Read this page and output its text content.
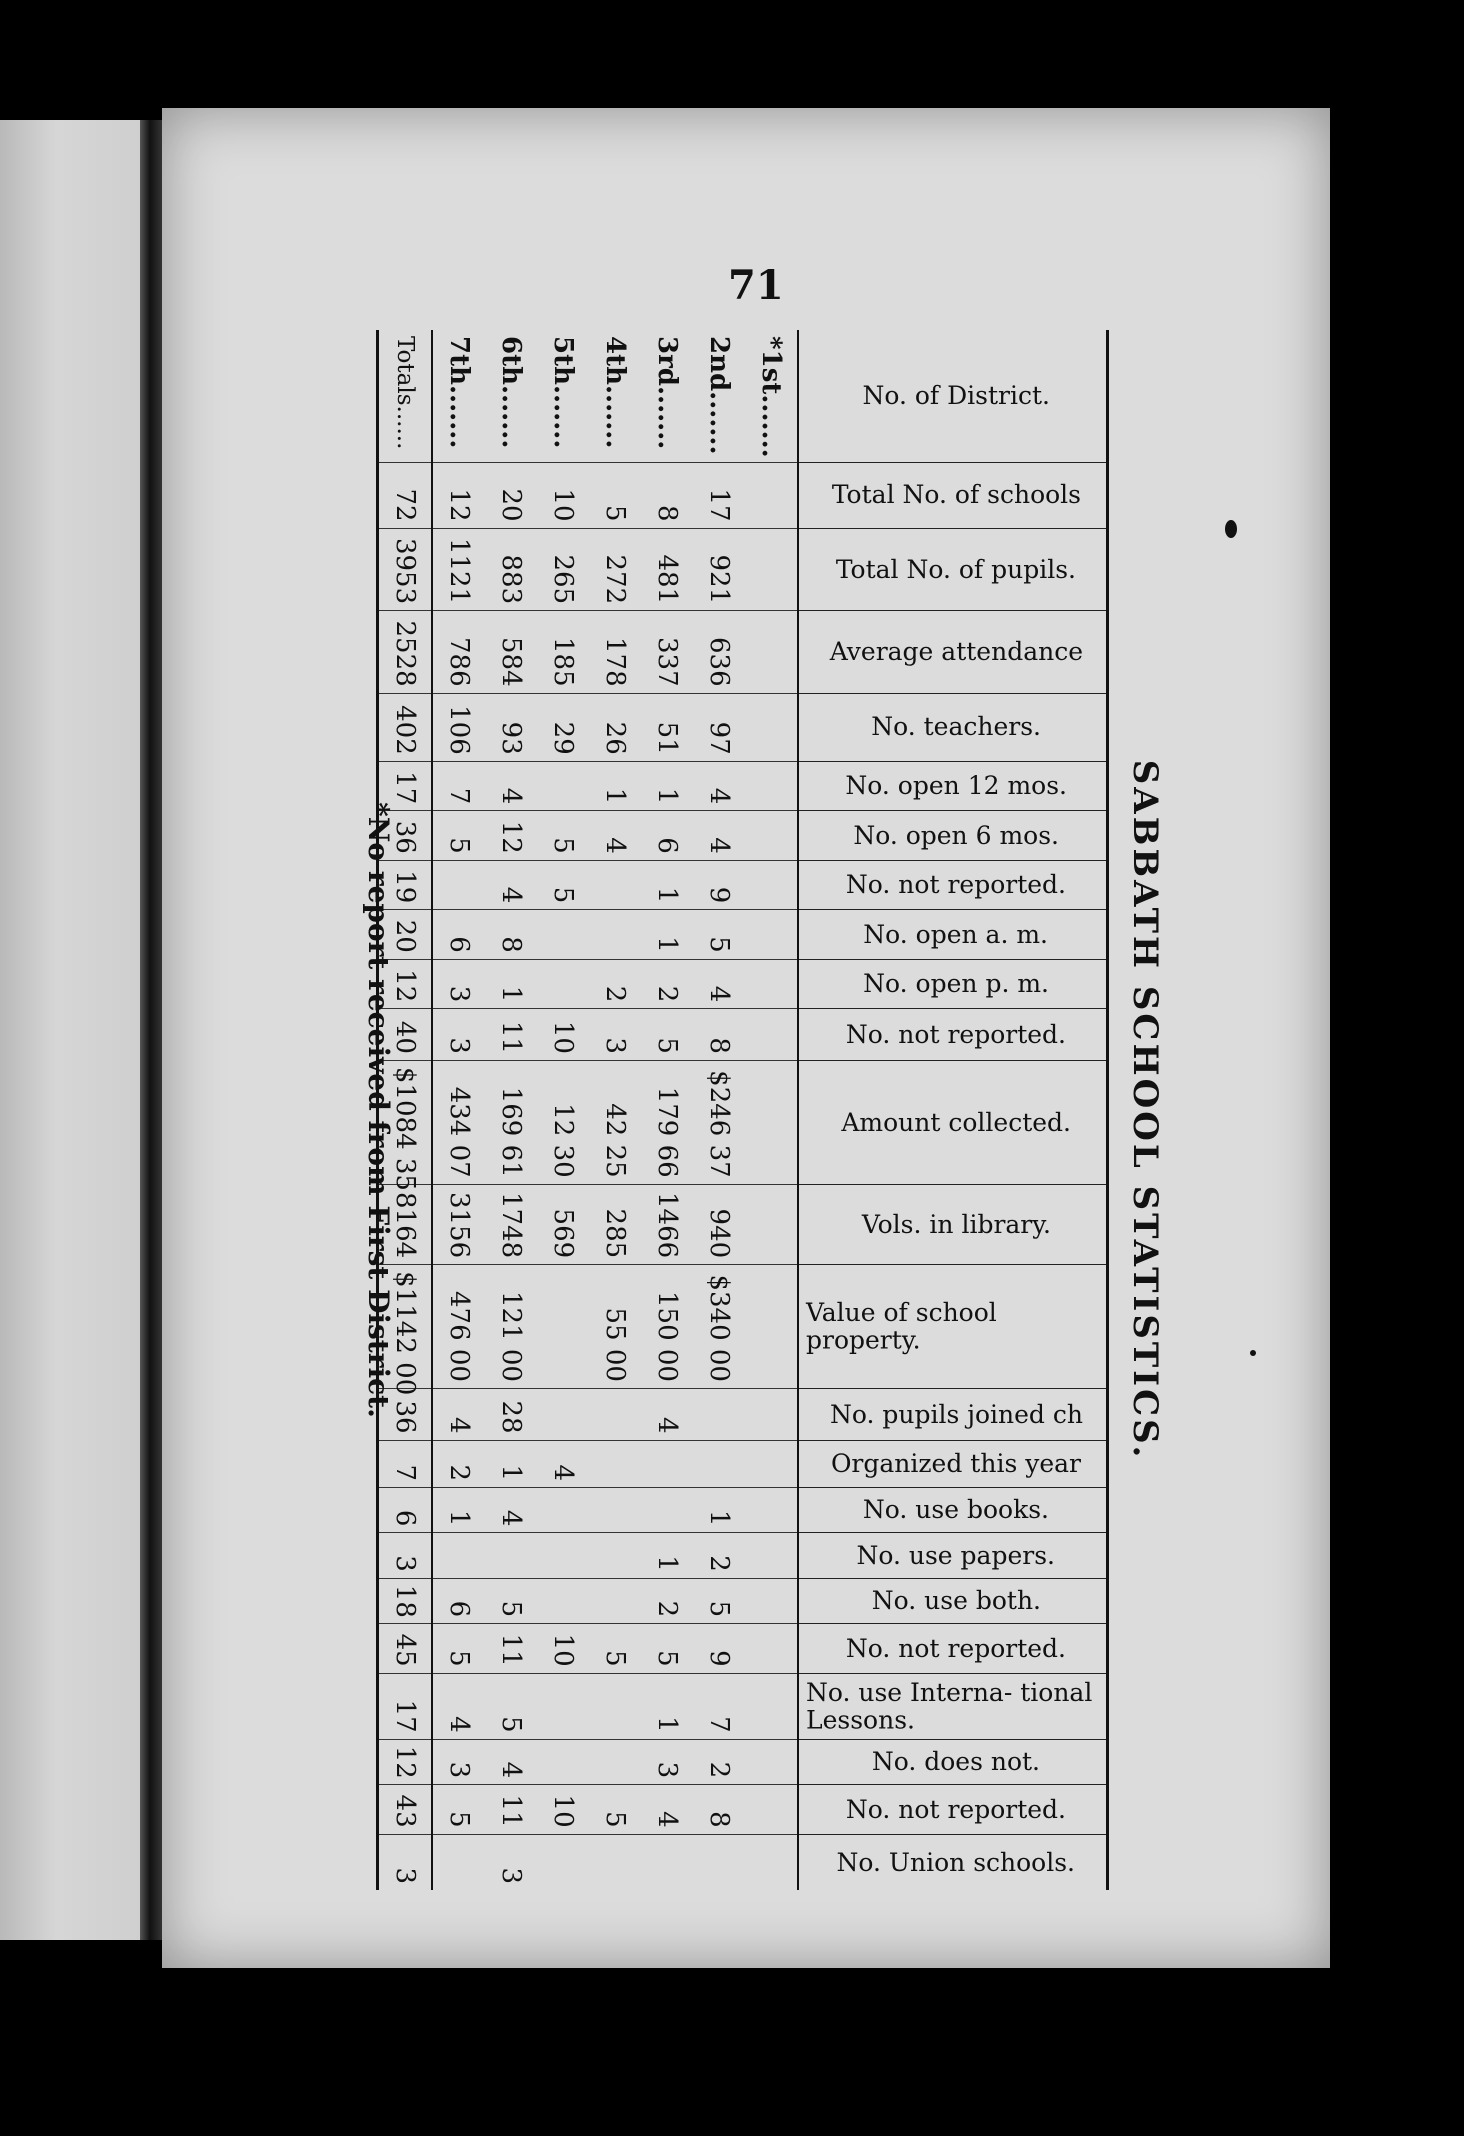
71
SABBATH SCHOOL STATISTICS.
No. of District.	Total No. of schools	Total No. of pupils.	Average attendance	No. teachers.	No. open 12 mos.	No. open 6 mos.	No. not reported.	No. open a. m.	No. open p. m.	No. not reported.	Amount collected.	Vols. in library.	Value of school property.	No. pupils joined ch	Organized this year	No. use books.	No. use papers.	No. use both.	No. not reported.	No. use Interna- tional Lessons.	No. does not.	No. not reported.	No. Union schools.
*1st.......																							
2nd.......	17	921	636	97	4	4	9	5	4	8	$246 37	940	$340 00			1	2	5	9	7	2	8	
3rd.......	8	481	337	51	1	6	1	1	2	5	179 66	1466	150 00	4			1	2	5	1	3	4	
4th.......	5	272	178	26	1	4			2	3	42 25	285	55 00						5			5	
5th.......	10	265	185	29		5	5			10	12 30	569			4				10			10	
6th.......	20	883	584	93	4	12	4	8	1	11	169 61	1748	121 00	28	1	4		5	11	5	4	11	3
7th.......	12	1121	786	106	7	5		6	3	3	434 07	3156	476 00	4	2	1		6	5	4	3	5	
Totals......	72	3953	2528	402	17	36	19	20	12	40	$1084 35	8164	$1142 00	36	7	6	3	18	45	17	12	43	3
*No report received from First District.
